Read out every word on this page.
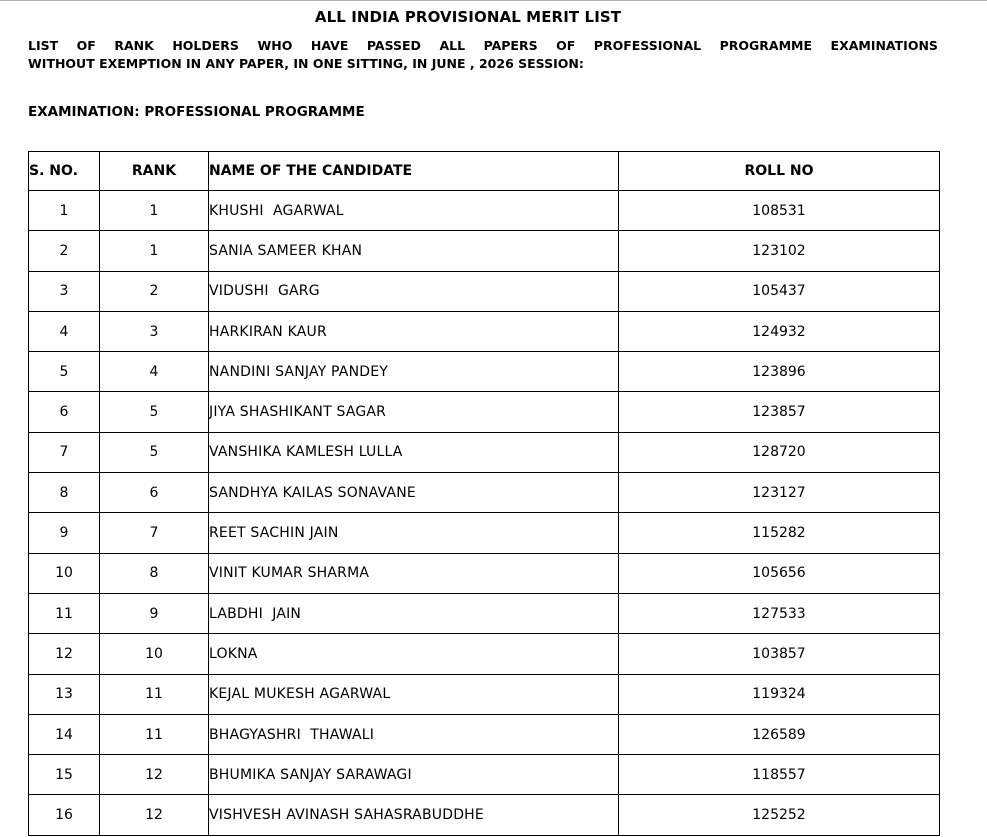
ALL INDIA PROVISIONAL MERIT LIST
LIST OF RANK HOLDERS WHO HAVE PASSED ALL PAPERS OF PROFESSIONAL PROGRAMME EXAMINATIONS
WITHOUT EXEMPTION IN ANY PAPER, IN ONE SITTING, IN JUNE , 2026 SESSION:
EXAMINATION: PROFESSIONAL PROGRAMME
S. NO.	RANK	NAME OF THE CANDIDATE	ROLL NO
1	1	KHUSHI  AGARWAL	108531
2	1	SANIA SAMEER KHAN	123102
3	2	VIDUSHI  GARG	105437
4	3	HARKIRAN KAUR	124932
5	4	NANDINI SANJAY PANDEY	123896
6	5	JIYA SHASHIKANT SAGAR	123857
7	5	VANSHIKA KAMLESH LULLA	128720
8	6	SANDHYA KAILAS SONAVANE	123127
9	7	REET SACHIN JAIN	115282
10	8	VINIT KUMAR SHARMA	105656
11	9	LABDHI  JAIN	127533
12	10	LOKNA	103857
13	11	KEJAL MUKESH AGARWAL	119324
14	11	BHAGYASHRI  THAWALI	126589
15	12	BHUMIKA SANJAY SARAWAGI	118557
16	12	VISHVESH AVINASH SAHASRABUDDHE	125252
